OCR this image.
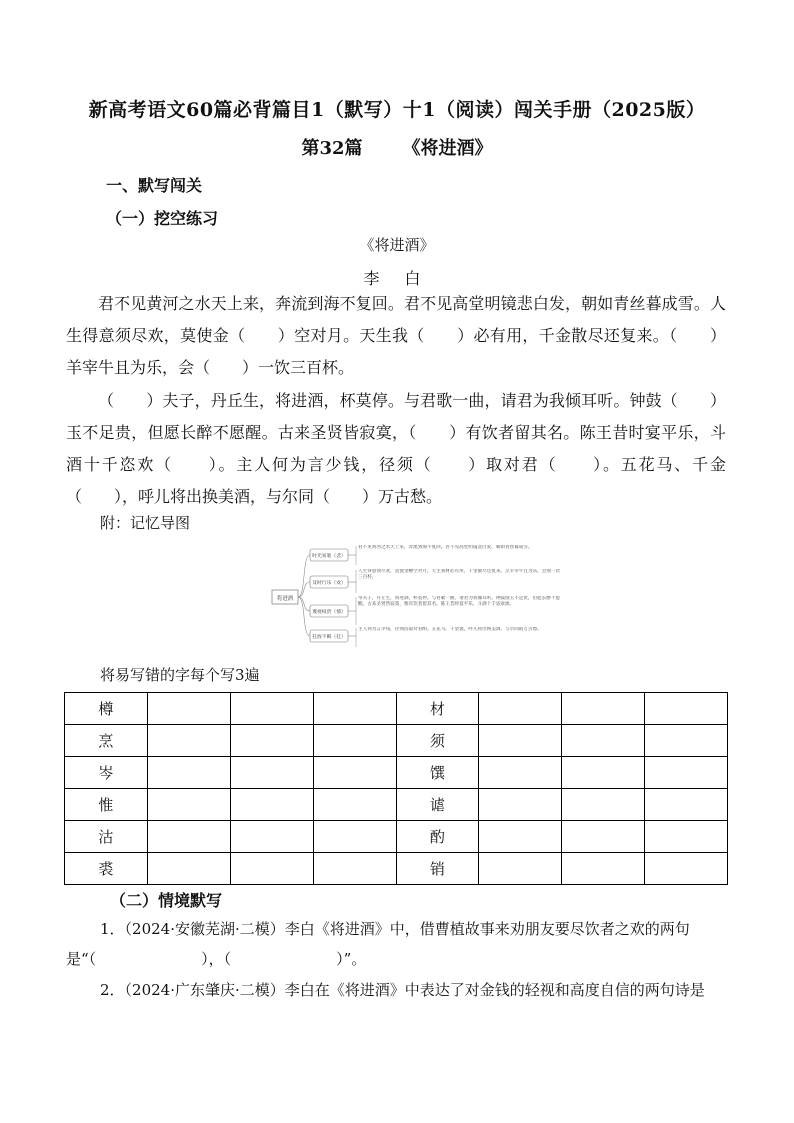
新高考语文60篇必背篇目1（默写）十1（阅读）闯关手册（2025版）
第32篇 《将进酒》
一、默写闯关
（一）挖空练习
《将进酒》
李 白
君不见黄河之水天上来，奔流到海不复回。君不见高堂明镜悲白发，朝如青丝暮成雪。人生得意须尽欢，莫使金（　　）空对月。天生我（　　）必有用，千金散尽还复来。（　　）羊宰牛且为乐，会（　　）一饮三百杯。
（　　）夫子，丹丘生，将进酒，杯莫停。与君歌一曲，请君为我倾耳听。钟鼓（　　）玉不足贵，但愿长醉不愿醒。古来圣贤皆寂寞，（　　）有饮者留其名。陈王昔时宴平乐，斗酒十千恣欢（　　）。主人何为言少钱，径须（　　）取对君（　　）。五花马、千金（　　），呼儿将出换美酒，与尔同（　　）万古愁。
附：记忆导图
将进酒
时光易逝（悲）
君不见黄河之水天上来，奔流到海不复回。君不见高堂明镜悲白发，朝如青丝暮成雪。
及时行乐（欢）
人生得意须尽欢，莫使金樽空对月。天生我材必有用，千金散尽还复来。烹羊宰牛且为乐，会须一饮三百杯。
蔑视权贵（愤）
岑夫子，丹丘生，将进酒，杯莫停。与君歌一曲，请君为我倾耳听。钟鼓馔玉不足贵，但愿长醉不愿醒。古来圣贤皆寂寞，惟有饮者留其名。陈王昔时宴平乐，斗酒十千恣欢谑。
狂放不羁（狂）
主人何为言少钱，径须沽取对君酌。五花马，千金裘，呼儿将出换美酒，与尔同销万古愁。
将易写错的字每个写3遍
樽				材			
烹				须			
岑				馔			
惟				谑			
沽				酌			
裘				销			
（二）情境默写
1．（2024·安徽芜湖·二模）李白《将进酒》中，借曹植故事来劝朋友要尽饮者之欢的两句是“（　　　　　　　），（　　　　　　　）”。
2．（2024·广东肇庆·二模）李白在《将进酒》中表达了对金钱的轻视和高度自信的两句诗是
